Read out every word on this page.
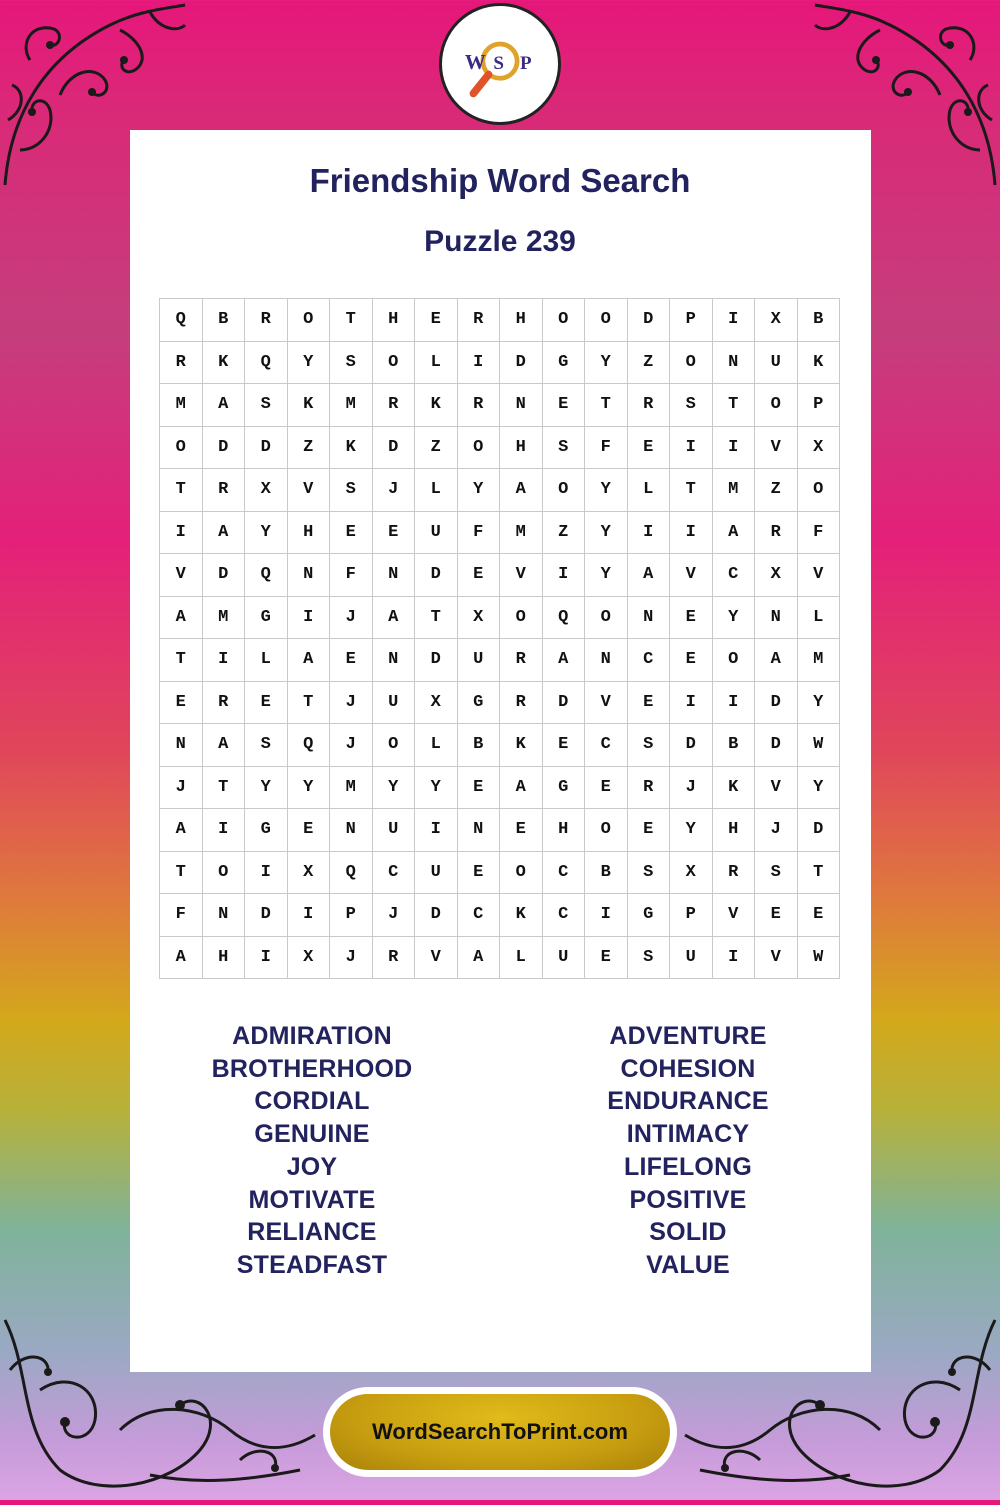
W S P
Friendship Word Search
Puzzle 239
Q	B	R	O	T	H	E	R	H	O	O	D	P	I	X	B
R	K	Q	Y	S	O	L	I	D	G	Y	Z	O	N	U	K
M	A	S	K	M	R	K	R	N	E	T	R	S	T	O	P
O	D	D	Z	K	D	Z	O	H	S	F	E	I	I	V	X
T	R	X	V	S	J	L	Y	A	O	Y	L	T	M	Z	O
I	A	Y	H	E	E	U	F	M	Z	Y	I	I	A	R	F
V	D	Q	N	F	N	D	E	V	I	Y	A	V	C	X	V
A	M	G	I	J	A	T	X	O	Q	O	N	E	Y	N	L
T	I	L	A	E	N	D	U	R	A	N	C	E	O	A	M
E	R	E	T	J	U	X	G	R	D	V	E	I	I	D	Y
N	A	S	Q	J	O	L	B	K	E	C	S	D	B	D	W
J	T	Y	Y	M	Y	Y	E	A	G	E	R	J	K	V	Y
A	I	G	E	N	U	I	N	E	H	O	E	Y	H	J	D
T	O	I	X	Q	C	U	E	O	C	B	S	X	R	S	T
F	N	D	I	P	J	D	C	K	C	I	G	P	V	E	E
A	H	I	X	J	R	V	A	L	U	E	S	U	I	V	W
ADMIRATION
BROTHERHOOD
CORDIAL
GENUINE
JOY
MOTIVATE
RELIANCE
STEADFAST
ADVENTURE
COHESION
ENDURANCE
INTIMACY
LIFELONG
POSITIVE
SOLID
VALUE
WordSearchToPrint.com
